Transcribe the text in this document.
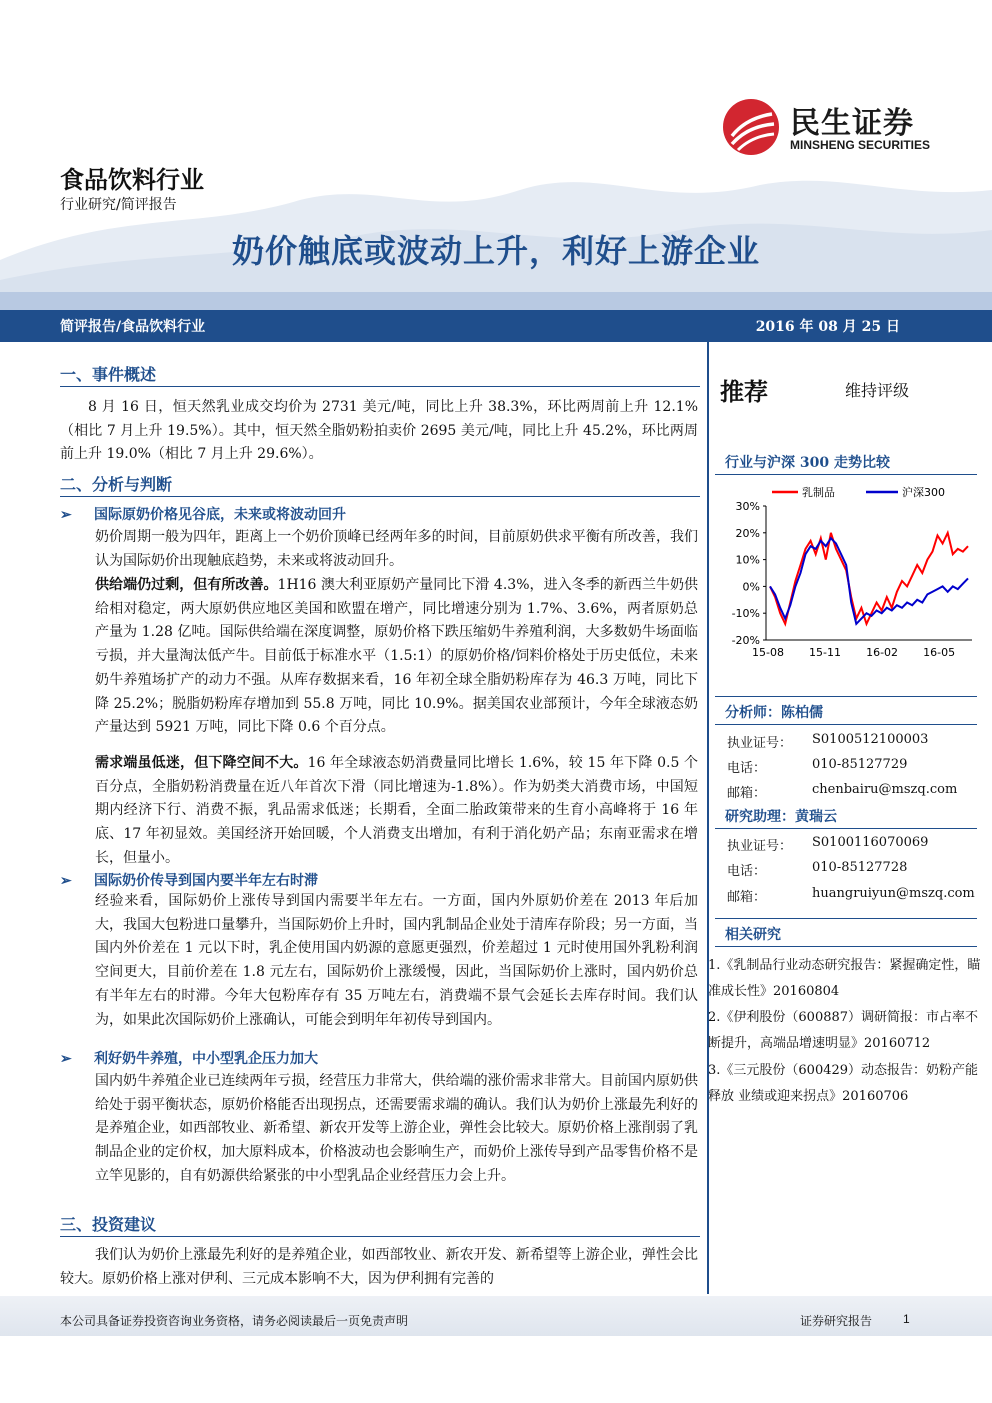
民生证券
MINSHENG SECURITIES
食品饮料行业
行业研究/简评报告
奶价触底或波动上升，利好上游企业
简评报告/食品饮料行业	2016 年 08 月 25 日
一、事件概述
8 月 16 日，恒天然乳业成交均价为 2731 美元/吨，同比上升 38.3%，环比两周前上升 12.1%（相比 7 月上升 19.5%）。其中，恒天然全脂奶粉拍卖价 2695 美元/吨，同比上升 45.2%，环比两周前上升 19.0%（相比 7 月上升 29.6%）。
二、分析与判断
➢ 国际原奶价格见谷底，未来或将波动回升
奶价周期一般为四年，距离上一个奶价顶峰已经两年多的时间，目前原奶供求平衡有所改善，我们认为国际奶价出现触底趋势，未来或将波动回升。
供给端仍过剩，但有所改善。1H16 澳大利亚原奶产量同比下滑 4.3%，进入冬季的新西兰牛奶供给相对稳定，两大原奶供应地区美国和欧盟在增产，同比增速分别为 1.7%、3.6%，两者原奶总产量为 1.28 亿吨。国际供给端在深度调整，原奶价格下跌压缩奶牛养殖利润，大多数奶牛场面临亏损，并大量淘汰低产牛。目前低于标准水平（1.5:1）的原奶价格/饲料价格处于历史低位，未来奶牛养殖场扩产的动力不强。从库存数据来看，16 年初全球全脂奶粉库存为 46.3 万吨，同比下降 25.2%；脱脂奶粉库存增加到 55.8 万吨，同比 10.9%。据美国农业部预计，今年全球液态奶产量达到 5921 万吨，同比下降 0.6 个百分点。
需求端虽低迷，但下降空间不大。16 年全球液态奶消费量同比增长 1.6%，较 15 年下降 0.5 个百分点，全脂奶粉消费量在近八年首次下滑（同比增速为-1.8%）。作为奶类大消费市场，中国短期内经济下行、消费不振，乳品需求低迷；长期看，全面二胎政策带来的生育小高峰将于 16 年底、17 年初显效。美国经济开始回暖，个人消费支出增加，有利于消化奶产品；东南亚需求在增长，但量小。
➢ 国际奶价传导到国内要半年左右时滞
经验来看，国际奶价上涨传导到国内需要半年左右。一方面，国内外原奶价差在 2013 年后加大，我国大包粉进口量攀升，当国际奶价上升时，国内乳制品企业处于清库存阶段；另一方面，当国内外价差在 1 元以下时，乳企使用国内奶源的意愿更强烈，价差超过 1 元时使用国外乳粉利润空间更大，目前价差在 1.8 元左右，国际奶价上涨缓慢，因此，当国际奶价上涨时，国内奶价总有半年左右的时滞。今年大包粉库存有 35 万吨左右，消费端不景气会延长去库存时间。我们认为，如果此次国际奶价上涨确认，可能会到明年年初传导到国内。
➢ 利好奶牛养殖，中小型乳企压力加大
国内奶牛养殖企业已连续两年亏损，经营压力非常大，供给端的涨价需求非常大。目前国内原奶供给处于弱平衡状态，原奶价格能否出现拐点，还需要需求端的确认。我们认为奶价上涨最先利好的是养殖企业，如西部牧业、新希望、新农开发等上游企业，弹性会比较大。原奶价格上涨削弱了乳制品企业的定价权，加大原料成本，价格波动也会影响生产，而奶价上涨传导到产品零售价格不是立竿见影的，自有奶源供给紧张的中小型乳品企业经营压力会上升。
三、投资建议
我们认为奶价上涨最先利好的是养殖企业，如西部牧业、新农开发、新希望等上游企业，弹性会比较大。原奶价格上涨对伊利、三元成本影响不大，因为伊利拥有完善的
推荐	维持评级
行业与沪深 300 走势比较
乳制品	沪深300
30%
20%
10%
0%
-10%
-20%
15-08 15-11 16-02 16-05
分析师：陈柏儒
执业证号： S0100512100003
电话：	010-85127729
邮箱：	chenbairu@mszq.com
研究助理：黄瑞云
执业证号： S0100116070069
电话：	010-85127728
邮箱：	huangruiyun@mszq.com
相关研究
1.《乳制品行业动态研究报告：紧握确定性，瞄准成长性》20160804
2.《伊利股份（600887）调研简报：市占率不断提升，高端品增速明显》20160712
3.《三元股份（600429）动态报告：奶粉产能释放 业绩或迎来拐点》20160706
本公司具备证券投资咨询业务资格，请务必阅读最后一页免责声明	证券研究报告	1
